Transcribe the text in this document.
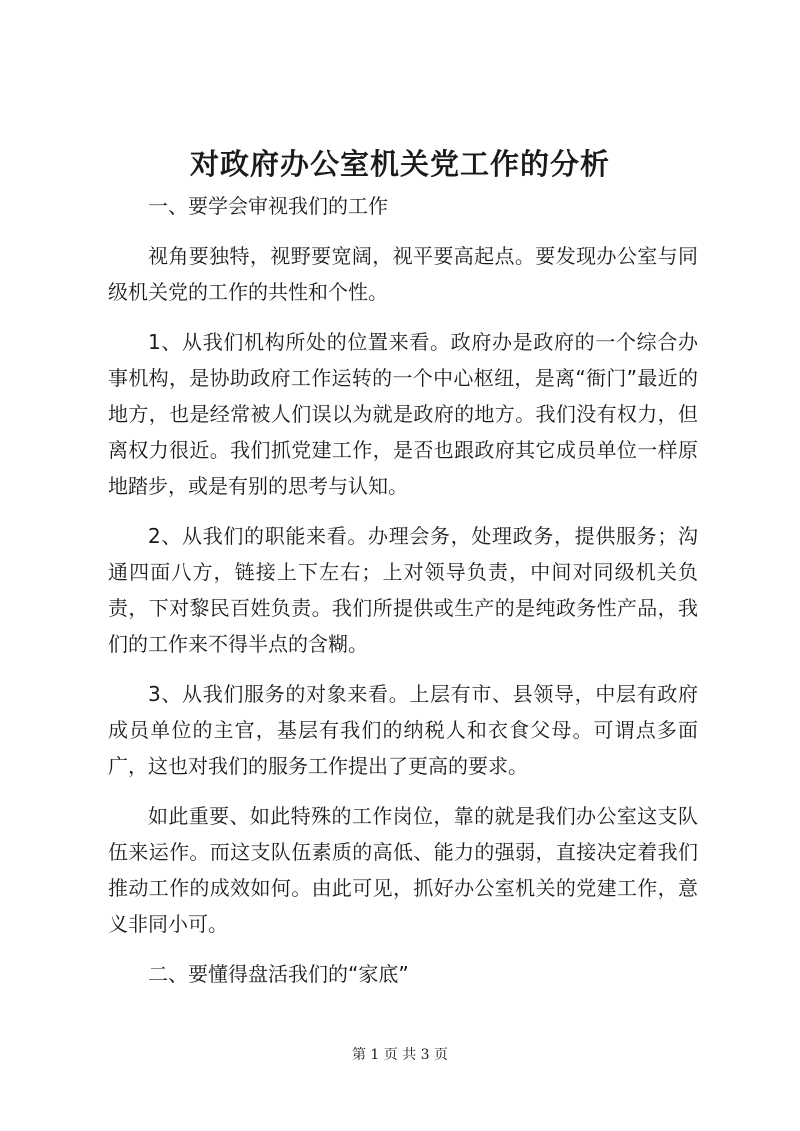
对政府办公室机关党工作的分析

一、要学会审视我们的工作

视角要独特，视野要宽阔，视平要高起点。要发现办公室与同级机关党的工作的共性和个性。

1、从我们机构所处的位置来看。政府办是政府的一个综合办事机构，是协助政府工作运转的一个中心枢纽，是离“衙门”最近的地方，也是经常被人们误以为就是政府的地方。我们没有权力，但离权力很近。我们抓党建工作，是否也跟政府其它成员单位一样原地踏步，或是有别的思考与认知。

2、从我们的职能来看。办理会务，处理政务，提供服务；沟通四面八方，链接上下左右；上对领导负责，中间对同级机关负责，下对黎民百姓负责。我们所提供或生产的是纯政务性产品，我们的工作来不得半点的含糊。

3、从我们服务的对象来看。上层有市、县领导，中层有政府成员单位的主官，基层有我们的纳税人和衣食父母。可谓点多面广，这也对我们的服务工作提出了更高的要求。

如此重要、如此特殊的工作岗位，靠的就是我们办公室这支队伍来运作。而这支队伍素质的高低、能力的强弱，直接决定着我们推动工作的成效如何。由此可见，抓好办公室机关的党建工作，意义非同小可。

二、要懂得盘活我们的“家底”

第 1 页 共 3 页
